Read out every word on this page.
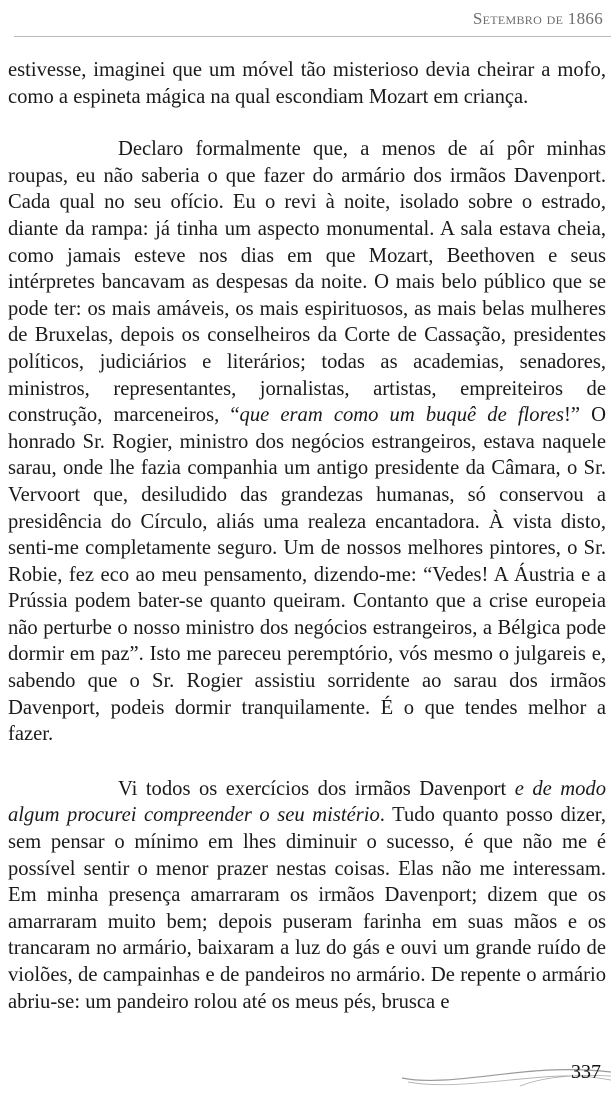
Setembro de 1866

estivesse, imaginei que um móvel tão misterioso devia cheirar a mofo, como a espineta mágica na qual escondiam Mozart em criança.

Declaro formalmente que, a menos de aí pôr minhas roupas, eu não saberia o que fazer do armário dos irmãos Davenport. Cada qual no seu ofício. Eu o revi à noite, isolado sobre o estrado, diante da rampa: já tinha um aspecto monumental. A sala estava cheia, como jamais esteve nos dias em que Mozart, Beethoven e seus intérpretes bancavam as despesas da noite. O mais belo público que se pode ter: os mais amáveis, os mais espirituosos, as mais belas mulheres de Bruxelas, depois os conselheiros da Corte de Cassação, presidentes políticos, judiciários e literários; todas as academias, senadores, ministros, representantes, jornalistas, artistas, empreiteiros de construção, marceneiros, “que eram como um buquê de flores!” O honrado Sr. Rogier, ministro dos negócios estrangeiros, estava naquele sarau, onde lhe fazia companhia um antigo presidente da Câmara, o Sr. Vervoort que, desiludido das grandezas humanas, só conservou a presidência do Círculo, aliás uma realeza encantadora. À vista disto, senti-me completamente seguro. Um de nossos melhores pintores, o Sr. Robie, fez eco ao meu pensamento, dizendo-me: “Vedes! A Áustria e a Prússia podem bater-se quanto queiram. Contanto que a crise europeia não perturbe o nosso ministro dos negócios estrangeiros, a Bélgica pode dormir em paz”. Isto me pareceu peremptório, vós mesmo o julgareis e, sabendo que o Sr. Rogier assistiu sorridente ao sarau dos irmãos Davenport, podeis dormir tranquilamente. É o que tendes melhor a fazer.

Vi todos os exercícios dos irmãos Davenport e de modo algum procurei compreender o seu mistério. Tudo quanto posso dizer, sem pensar o mínimo em lhes diminuir o sucesso, é que não me é possível sentir o menor prazer nestas coisas. Elas não me interessam. Em minha presença amarraram os irmãos Davenport; dizem que os amarraram muito bem; depois puseram farinha em suas mãos e os trancaram no armário, baixaram a luz do gás e ouvi um grande ruído de violões, de campainhas e de pandeiros no armário. De repente o armário abriu-se: um pandeiro rolou até os meus pés, brusca e

337
